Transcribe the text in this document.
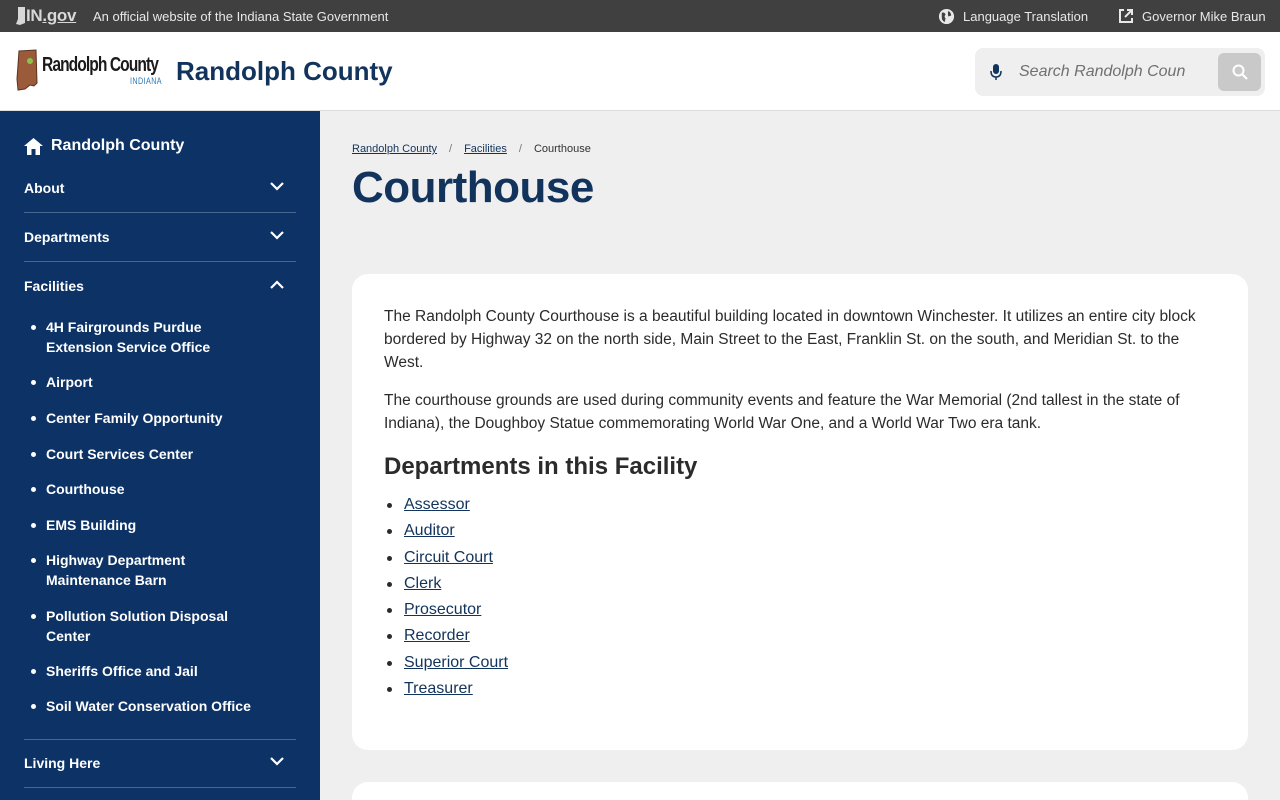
IN .gov An official website of the Indiana State Government	Language Translation	Governor Mike Braun
Randolph County
INDIANA Randolph County
Search Randolph Coun
Randolph County
About
Departments
Facilities
4H Fairgrounds Purdue Extension Service Office
Airport
Center Family Opportunity
Court Services Center
Courthouse
EMS Building
Highway Department Maintenance Barn
Pollution Solution Disposal Center
Sheriffs Office and Jail
Soil Water Conservation Office
Living Here
Randolph County / Facilities / Courthouse
Courthouse

The Randolph County Courthouse is a beautiful building located in downtown Winchester. It utilizes an entire city block bordered by Highway 32 on the north side, Main Street to the East, Franklin St. on the south, and Meridian St. to the West.

The courthouse grounds are used during community events and feature the War Memorial (2nd tallest in the state of Indiana), the Doughboy Statue commemorating World War One, and a World War Two era tank.

Departments in this Facility
Assessor
Auditor
Circuit Court
Clerk
Prosecutor
Recorder
Superior Court
Treasurer
